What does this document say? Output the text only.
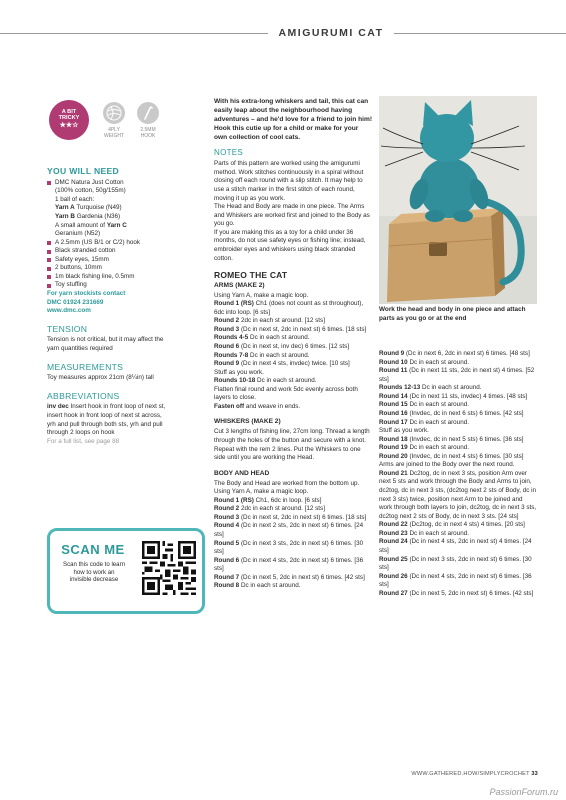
AMIGURUMI CAT
A BIT TRICKY
★★☆
4PLY
WEIGHT
2.5MM
HOOK
YOU WILL NEED
DMC Natura Just Cotton
(100% cotton, 50g/155m)
1 ball of each:
Yarn A Turquoise (N49)
Yarn B Gardenia (N36)
A small amount of Yarn C
Geranium (N52)
A 2.5mm (US B/1 or C/2) hook
Black stranded cotton
Safety eyes, 15mm
2 buttons, 10mm
1m black fishing line, 0.5mm
Toy stuffing
For yarn stockists contact
DMC 01924 231669
www.dmc.com
TENSION

Tension is not critical, but it may affect the yarn quantities required

MEASUREMENTS

Toy measures approx 21cm (8¼in) tall

ABBREVIATIONS

inv dec Insert hook in front loop of next st, insert hook in front loop of next st across, yrh and pull through both sts, yrh and pull through 2 loops on hook

For a full list, see page 88

SCAN ME
Scan this code to learn how to work an invisible decrease

With his extra-long whiskers and tail, this cat can easily leap about the neighbourhood having adventures – and he'd love for a friend to join him! Hook this cutie up for a child or make for your own collection of cool cats.

NOTES

Parts of this pattern are worked using the amigurumi method. Work stitches continuously in a spiral without closing off each round with a slip stitch. It may help to use a stitch marker in the first stitch of each round, moving it up as you work.

The Head and Body are made in one piece. The Arms and Whiskers are worked first and joined to the Body as you go.

If you are making this as a toy for a child under 36 months, do not use safety eyes or fishing line; instead, embroider eyes and whiskers using black stranded cotton.

ROMEO THE CAT
ARMS (MAKE 2)

Using Yarn A, make a magic loop.

Round 1 (RS) Ch1 (does not count as st throughout), 6dc into loop. [6 sts]

Round 2 2dc in each st around. [12 sts]

Round 3 (Dc in next st, 2dc in next st) 6 times. [18 sts]

Rounds 4-5 Dc in each st around.

Round 6 (Dc in next st, inv dec) 6 times. [12 sts]

Rounds 7-8 Dc in each st around.

Round 9 (Dc in next 4 sts, invdec) twice. [10 sts]

Stuff as you work.

Rounds 10-18 Dc in each st around.

Flatten final round and work 5dc evenly across both layers to close.

Fasten off and weave in ends.

WHISKERS (MAKE 2)

Cut 3 lengths of fishing line, 27cm long. Thread a length through the holes of the button and secure with a knot. Repeat with the rem 2 lines. Put the Whiskers to one side until you are working the Head.

BODY AND HEAD

The Body and Head are worked from the bottom up.

Using Yarn A, make a magic loop.

Round 1 (RS) Ch1, 6dc in loop. [6 sts]

Round 2 2dc in each st around. [12 sts]

Round 3 (Dc in next st, 2dc in next st) 6 times. [18 sts]

Round 4 (Dc in next 2 sts, 2dc in next st) 6 times. [24 sts]

Round 5 (Dc in next 3 sts, 2dc in next st) 6 times. [30 sts]

Round 6 (Dc in next 4 sts, 2dc in next st) 6 times. [36 sts]

Round 7 (Dc in next 5, 2dc in next st) 6 times. [42 sts]

Round 8 Dc in each st around.

Work the head and body in one piece and attach parts as you go or at the end

Round 9 (Dc in next 6, 2dc in next st) 6 times. [48 sts]

Round 10 Dc in each st around.

Round 11 (Dc in next 11 sts, 2dc in next st) 4 times. [52 sts]

Rounds 12-13 Dc in each st around.

Round 14 (Dc in next 11 sts, invdec) 4 times. [48 sts]

Round 15 Dc in each st around.

Round 16 (Invdec, dc in next 6 sts) 6 times. [42 sts]

Round 17 Dc in each st around.

Stuff as you work.

Round 18 (Invdec, dc in next 5 sts) 6 times. [36 sts]

Round 19 Dc in each st around.

Round 20 (Invdec, dc in next 4 sts) 6 times. [30 sts]

Arms are joined to the Body over the next round.

Round 21 Dc2tog, dc in next 3 sts, position Arm over next 5 sts and work through the Body and Arms to join, dc2tog, dc in next 3 sts, (dc2tog next 2 sts of Body, dc in next 3 sts) twice, position next Arm to be joined and work through both layers to join, dc2tog, dc in next 3 sts, dc2tog next 2 sts of Body, dc in next 3 sts. [24 sts]

Round 22 (Dc2tog, dc in next 4 sts) 4 times. [20 sts]

Round 23 Dc in each st around.

Round 24 (Dc in next 4 sts, 2dc in next st) 4 times. [24 sts]

Round 25 (Dc in next 3 sts, 2dc in next st) 6 times. [30 sts]

Round 26 (Dc in next 4 sts, 2dc in next st) 6 times. [36 sts]

Round 27 (Dc in next 5, 2dc in next st) 6 times. [42 sts]

WWW.GATHERED.HOW/SIMPLYCROCHET 33
PassionForum.ru
